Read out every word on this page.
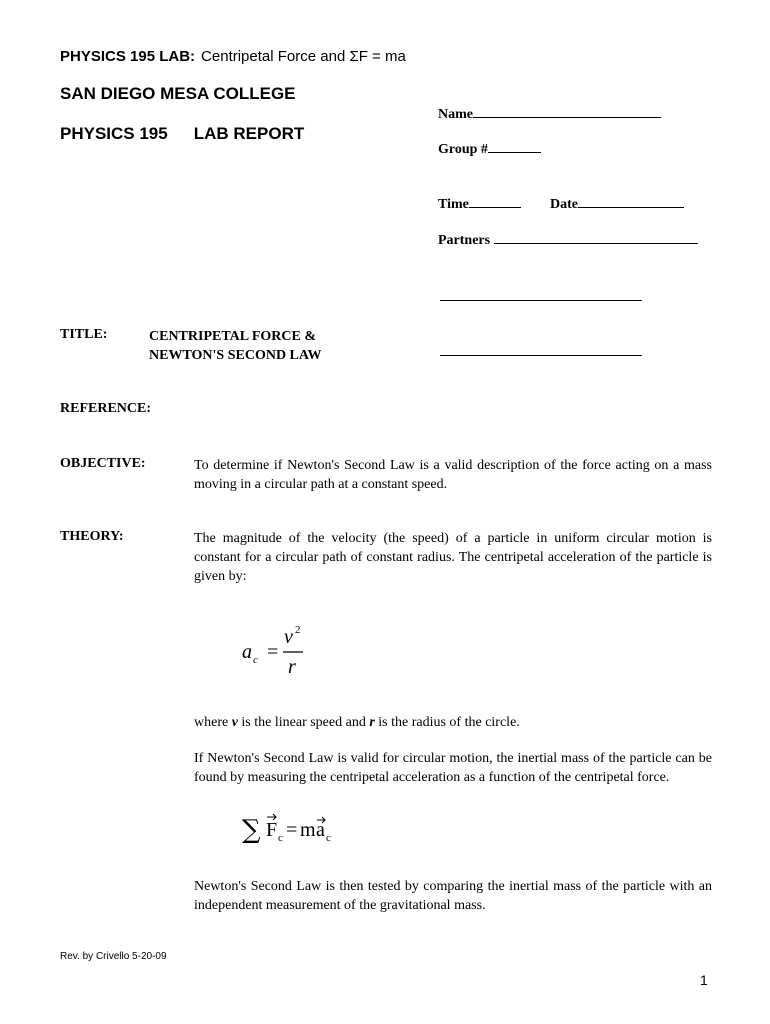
PHYSICS 195 LAB: Centripetal Force and ΣF = ma
SAN DIEGO MESA COLLEGE
PHYSICS 195 LAB REPORT
Name
Group #
Time	Date
Partners
TITLE:	CENTRIPETAL FORCE &
NEWTON'S SECOND LAW
REFERENCE:
OBJECTIVE:	To determine if Newton's Second Law is a valid description of the force acting on a mass moving in a circular path at a constant speed.
THEORY:	The magnitude of the velocity (the speed) of a particle in uniform circular motion is constant for a circular path of constant radius. The centripetal acceleration of the particle is given by:
a c =
v 2
r
where v is the linear speed and r is the radius of the circle.
If Newton's Second Law is valid for circular motion, the inertial mass of the particle can be found by measuring the centripetal acceleration as a function of the centripetal force.
∑ F c = m a c
Newton's Second Law is then tested by comparing the inertial mass of the particle with an independent measurement of the gravitational mass.
Rev. by Crivello 5-20-09
1
